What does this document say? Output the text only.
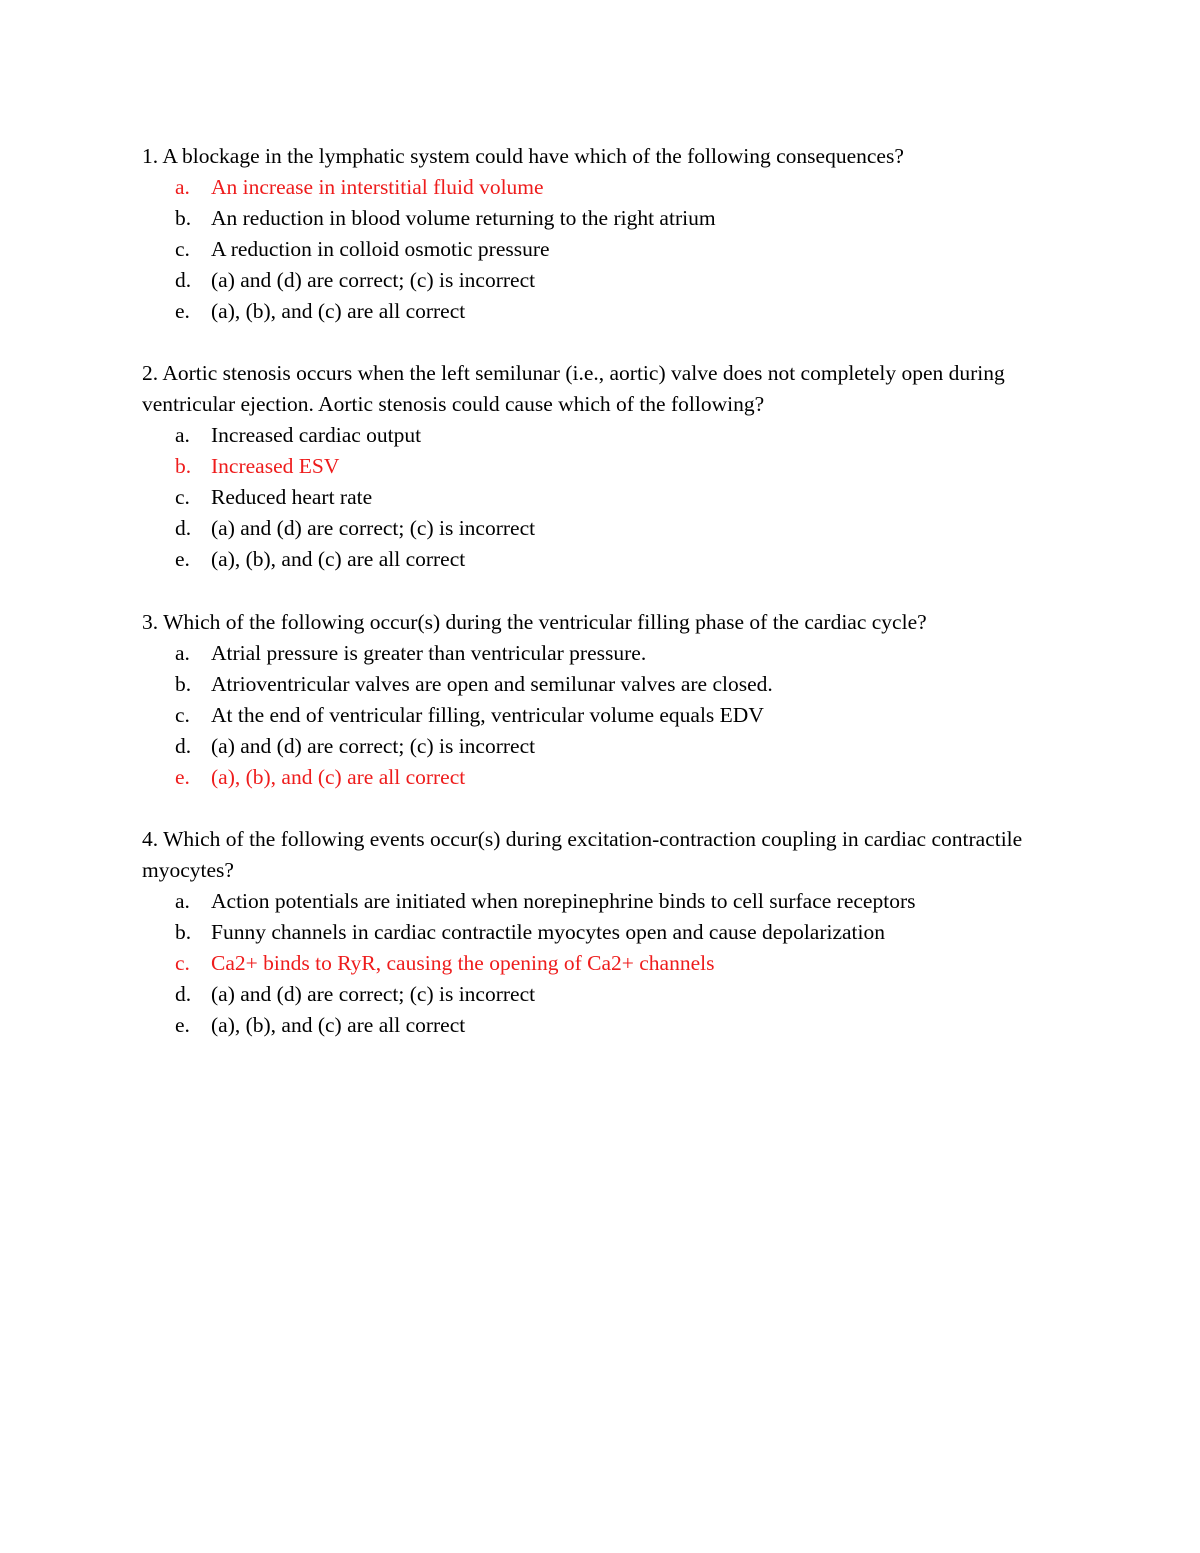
1. A blockage in the lymphatic system could have which of the following consequences?

a. An increase in interstitial fluid volume
b. An reduction in blood volume returning to the right atrium
c. A reduction in colloid osmotic pressure
d. (a) and (d) are correct; (c) is incorrect
e. (a), (b), and (c) are all correct

2. Aortic stenosis occurs when the left semilunar (i.e., aortic) valve does not completely open during ventricular ejection. Aortic stenosis could cause which of the following?

a. Increased cardiac output
b. Increased ESV
c. Reduced heart rate
d. (a) and (d) are correct; (c) is incorrect
e. (a), (b), and (c) are all correct

3. Which of the following occur(s) during the ventricular filling phase of the cardiac cycle?

a. Atrial pressure is greater than ventricular pressure.
b. Atrioventricular valves are open and semilunar valves are closed.
c. At the end of ventricular filling, ventricular volume equals EDV
d. (a) and (d) are correct; (c) is incorrect
e. (a), (b), and (c) are all correct

4. Which of the following events occur(s) during excitation-contraction coupling in cardiac contractile myocytes?

a. Action potentials are initiated when norepinephrine binds to cell surface receptors
b. Funny channels in cardiac contractile myocytes open and cause depolarization
c. Ca2+ binds to RyR, causing the opening of Ca2+ channels
d. (a) and (d) are correct; (c) is incorrect
e. (a), (b), and (c) are all correct
